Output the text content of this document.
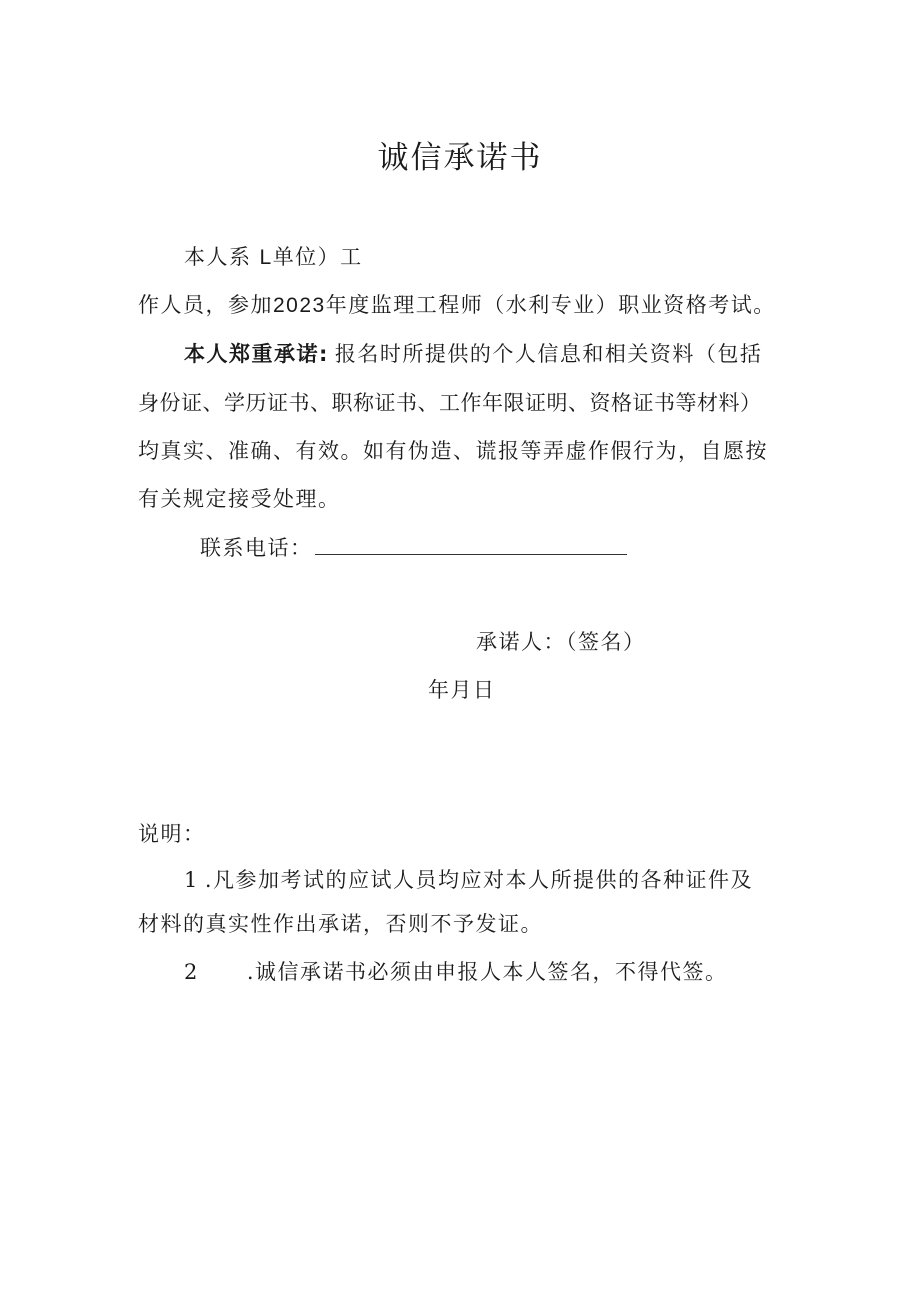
诚信承诺书
本人系 L单位）工
作人员，参加2023年度监理工程师（水利专业）职业资格考试。
本人郑重承诺: 报名时所提供的个人信息和相关资料（包括
身份证、学历证书、职称证书、工作年限证明、资格证书等材料）
均真实、准确、有效。如有伪造、谎报等弄虚作假行为，自愿按
有关规定接受处理。
联系电话：
承诺人：（签名）
年月日
说明：
1 .凡参加考试的应试人员均应对本人所提供的各种证件及
材料的真实性作出承诺，否则不予发证。
2 .诚信承诺书必须由申报人本人签名，不得代签。
